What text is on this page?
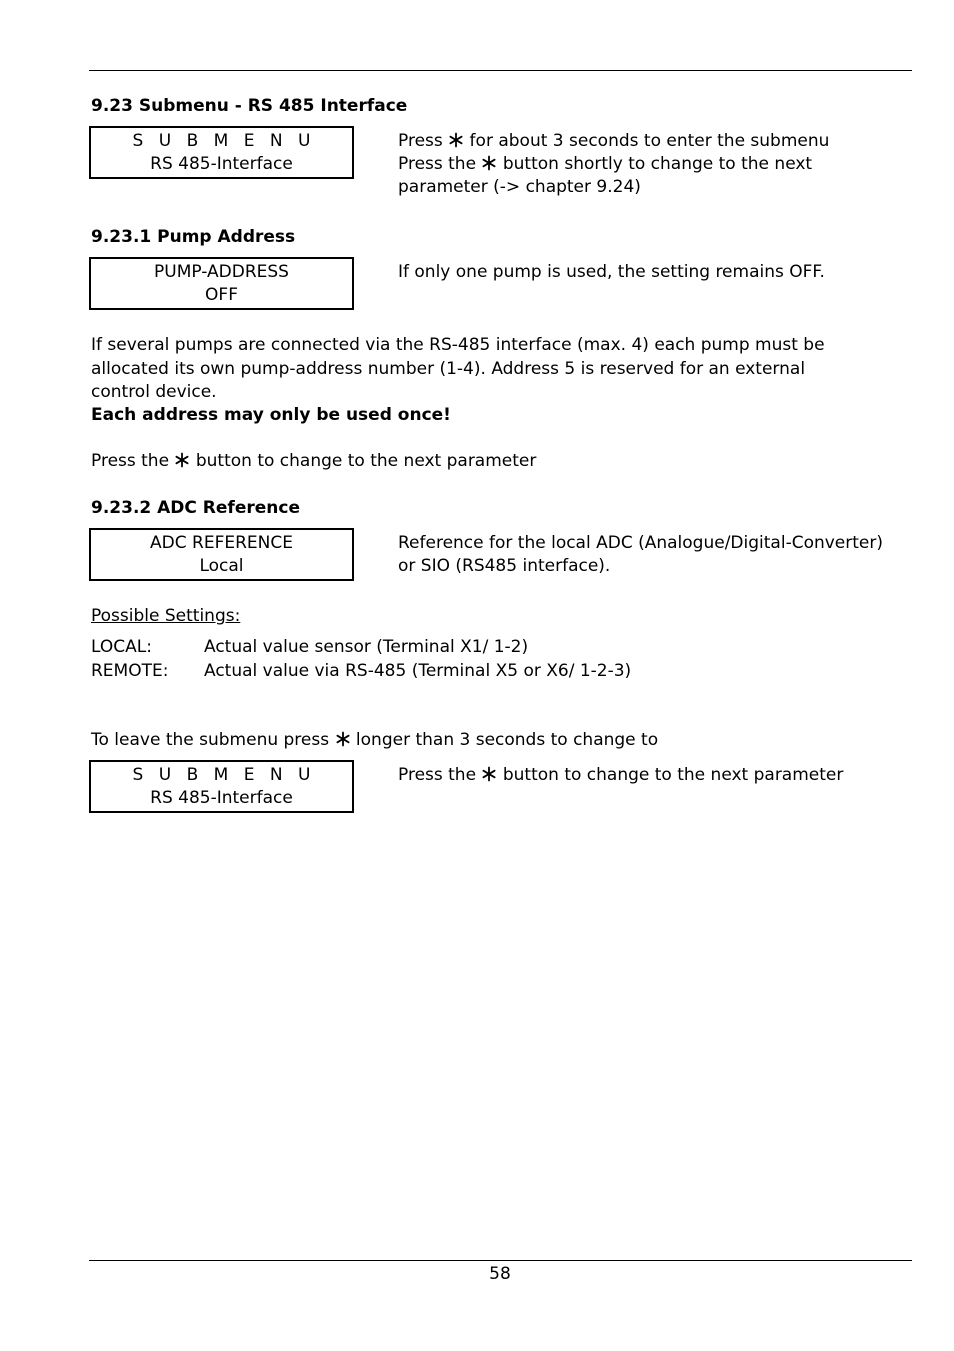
9.23 Submenu - RS 485 Interface
S U B M E N U
RS 485-Interface
Press
for about 3 seconds to enter the submenu
Press the
button shortly to change to the next
parameter (-> chapter 9.24)
9.23.1 Pump Address
PUMP-ADDRESS
OFF
If only one pump is used, the setting remains OFF.
If several pumps are connected via the RS-485 interface (max. 4) each pump must be
allocated its own pump-address number (1-4). Address 5 is reserved for an external
control device.
Each address may only be used once!
Press the
button to change to the next parameter
9.23.2 ADC Reference
ADC REFERENCE
Local
Reference for the local ADC (Analogue/Digital-Converter)
or SIO (RS485 interface).
Possible Settings:
LOCAL:	Actual value sensor (Terminal X1/ 1-2)
REMOTE: Actual value via RS-485 (Terminal X5 or X6/ 1-2-3)
To leave the submenu press
longer than 3 seconds to change to
S U B M E N U
RS 485-Interface
Press the
button to change to the next parameter
58
